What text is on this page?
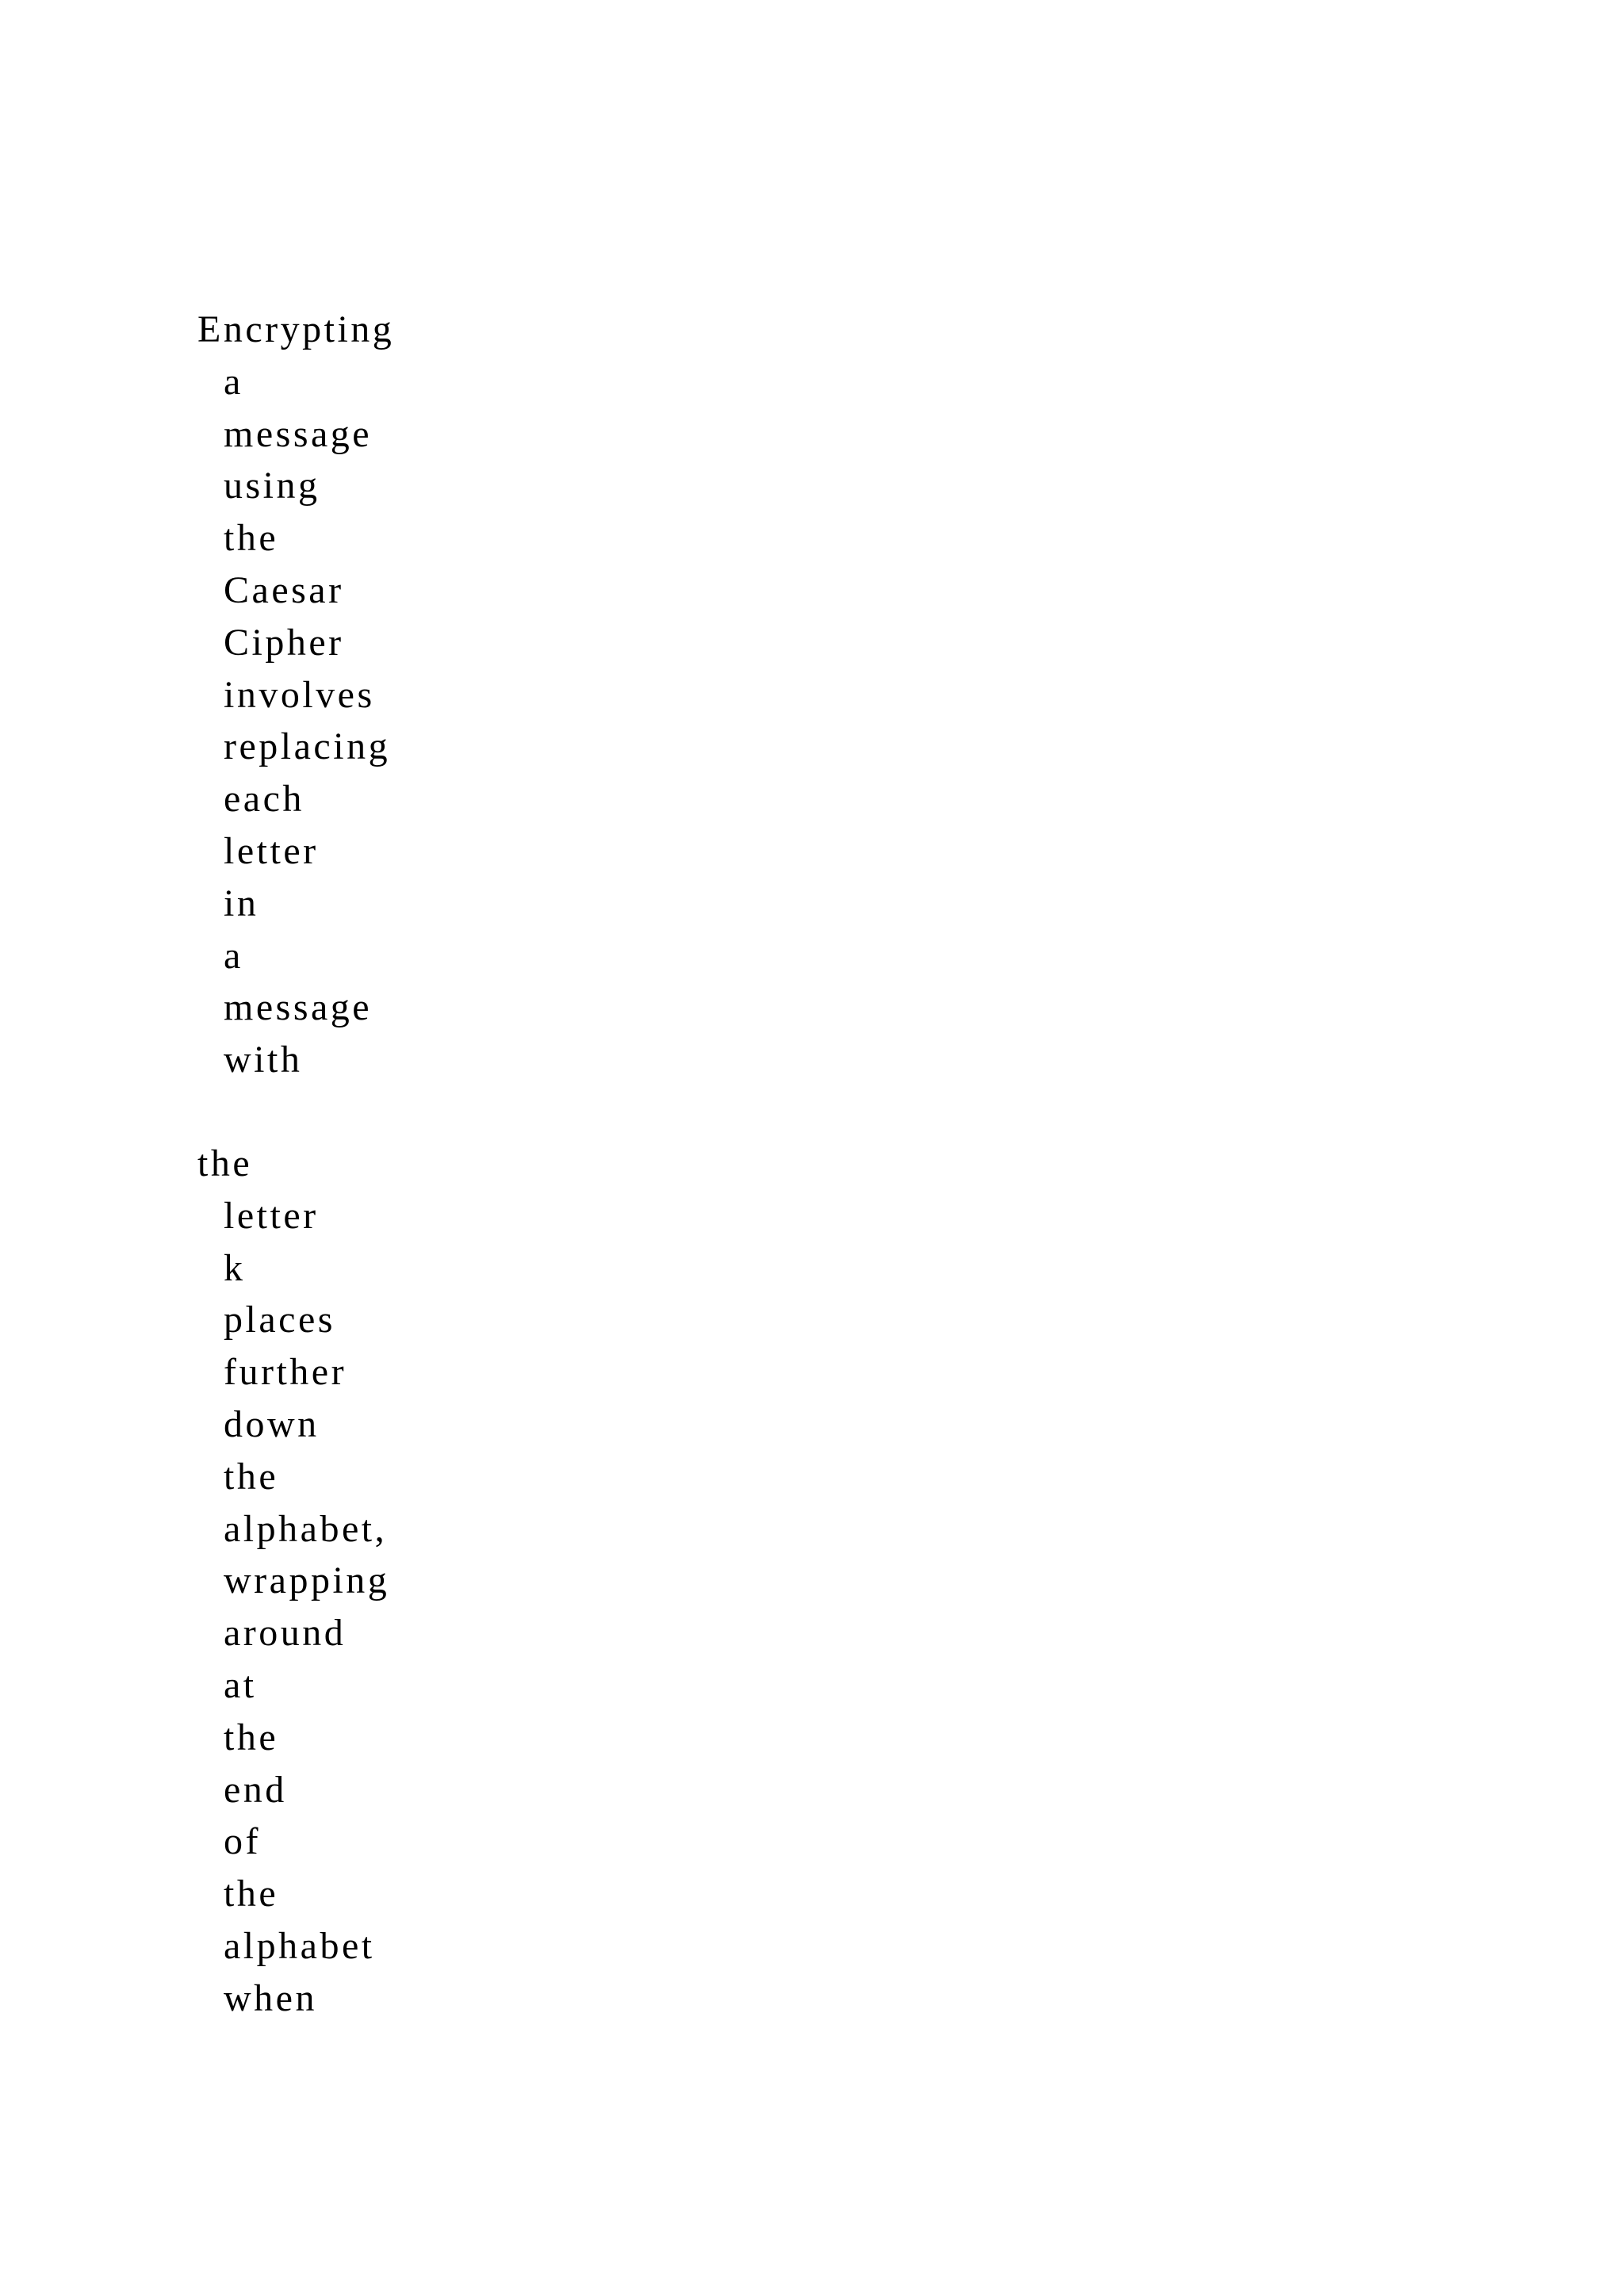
Encrypting
a
message
using
the
Caesar
Cipher
involves
replacing
each
letter
in
a
message
with
the
letter
k
places
further
down
the
alphabet,
wrapping
around
at
the
end
of
the
alphabet
when
